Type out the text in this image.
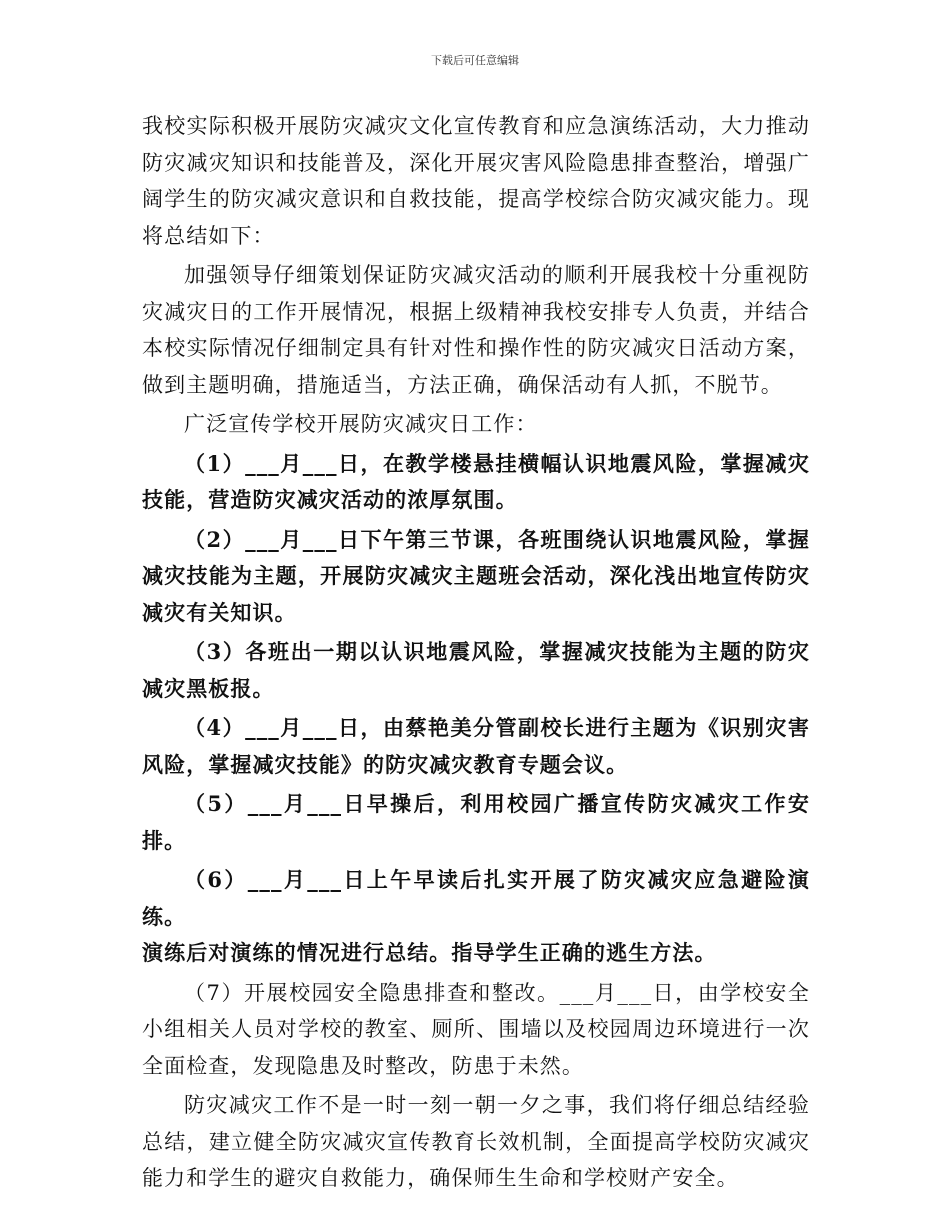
下载后可任意编辑

我校实际积极开展防灾减灾文化宣传教育和应急演练活动，大力推动防灾减灾知识和技能普及，深化开展灾害风险隐患排查整治，增强广阔学生的防灾减灾意识和自救技能，提高学校综合防灾减灾能力。现将总结如下：

加强领导仔细策划保证防灾减灾活动的顺利开展我校十分重视防灾减灾日的工作开展情况，根据上级精神我校安排专人负责，并结合本校实际情况仔细制定具有针对性和操作性的防灾减灾日活动方案，做到主题明确，措施适当，方法正确，确保活动有人抓，不脱节。

广泛宣传学校开展防灾减灾日工作：

（1）___月___日，在教学楼悬挂横幅认识地震风险，掌握减灾技能，营造防灾减灾活动的浓厚氛围。

（2）___月___日下午第三节课，各班围绕认识地震风险，掌握减灾技能为主题，开展防灾减灾主题班会活动，深化浅出地宣传防灾减灾有关知识。

（3）各班出一期以认识地震风险，掌握减灾技能为主题的防灾减灾黑板报。

（4）___月___日，由蔡艳美分管副校长进行主题为《识别灾害风险，掌握减灾技能》的防灾减灾教育专题会议。

（5）___月___日早操后，利用校园广播宣传防灾减灾工作安排。

（6）___月___日上午早读后扎实开展了防灾减灾应急避险演练。

演练后对演练的情况进行总结。指导学生正确的逃生方法。

（7）开展校园安全隐患排查和整改。___月___日，由学校安全小组相关人员对学校的教室、厕所、围墙以及校园周边环境进行一次全面检查，发现隐患及时整改，防患于未然。

防灾减灾工作不是一时一刻一朝一夕之事，我们将仔细总结经验总结，建立健全防灾减灾宣传教育长效机制，全面提高学校防灾减灾能力和学生的避灾自救能力，确保师生生命和学校财产安全。
